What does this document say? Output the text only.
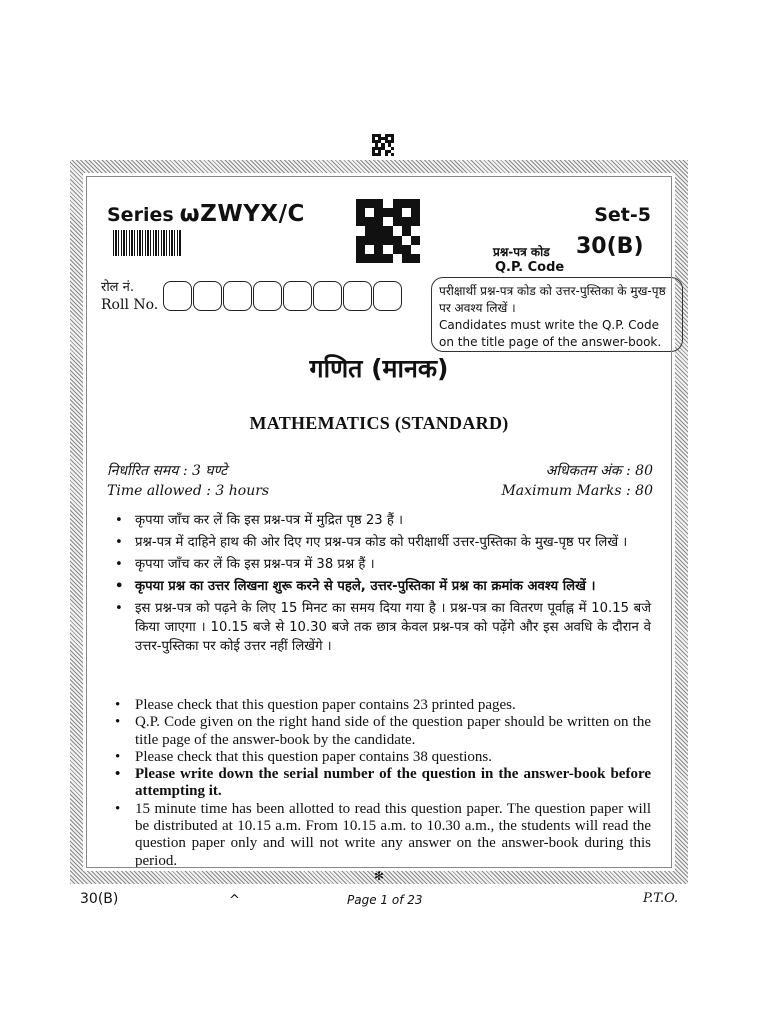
Series ωZWYX/C	Set-5
प्रश्न-पत्र कोड 30(B)
Q.P. Code
रोल नं.
Roll No.

परीक्षार्थी प्रश्न-पत्र कोड को उत्तर-पुस्तिका के मुख-पृष्ठ पर अवश्य लिखें ।

Candidates must write the Q.P. Code on the title page of the answer-book.

गणित (मानक)
MATHEMATICS (STANDARD)
निर्धारित समय : 3 घण्टे
Time allowed : 3 hours
अधिकतम अंक : 80
Maximum Marks : 80
• कृपया जाँच कर लें कि इस प्रश्न-पत्र में मुद्रित पृष्ठ 23 हैं ।
• प्रश्न-पत्र में दाहिने हाथ की ओर दिए गए प्रश्न-पत्र कोड को परीक्षार्थी उत्तर-पुस्तिका के मुख-पृष्ठ पर लिखें ।
• कृपया जाँच कर लें कि इस प्रश्न-पत्र में 38 प्रश्न हैं ।
• कृपया प्रश्न का उत्तर लिखना शुरू करने से पहले, उत्तर-पुस्तिका में प्रश्न का क्रमांक अवश्य लिखें ।
• इस प्रश्न-पत्र को पढ़ने के लिए 15 मिनट का समय दिया गया है । प्रश्न-पत्र का वितरण पूर्वाह्न में 10.15 बजे किया जाएगा । 10.15 बजे से 10.30 बजे तक छात्र केवल प्रश्न-पत्र को पढ़ेंगे और इस अवधि के दौरान वे उत्तर-पुस्तिका पर कोई उत्तर नहीं लिखेंगे ।
• Please check that this question paper contains 23 printed pages.
• Q.P. Code given on the right hand side of the question paper should be written on the title page of the answer-book by the candidate.
• Please check that this question paper contains 38 questions.
• Please write down the serial number of the question in the answer-book before attempting it.
• 15 minute time has been allotted to read this question paper. The question paper will be distributed at 10.15 a.m. From 10.15 a.m. to 10.30 a.m., the students will read the question paper only and will not write any answer on the answer-book during this period.
✻
30(B)	^	Page 1 of 23	P.T.O.
